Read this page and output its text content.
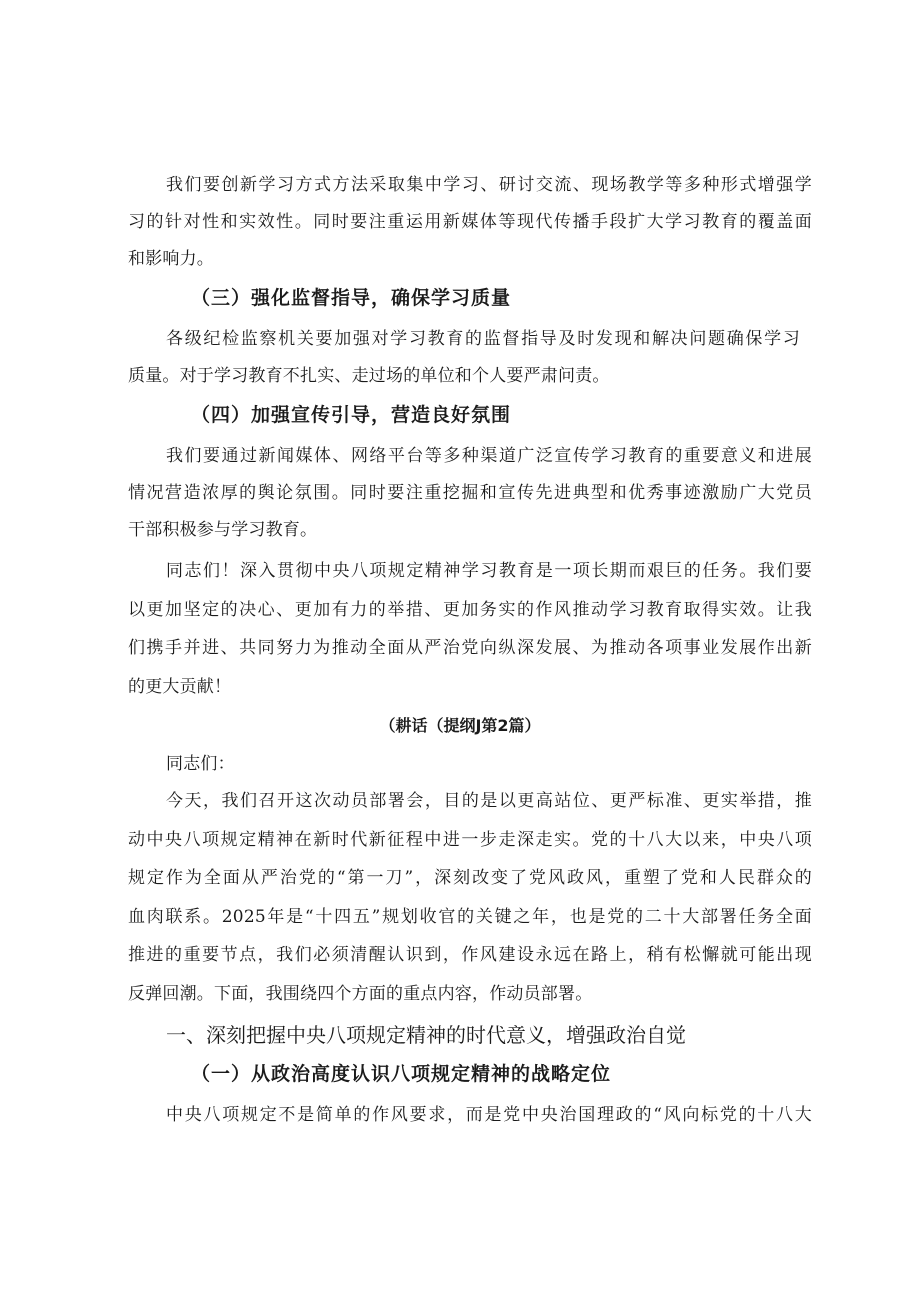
我们要创新学习方式方法采取集中学习、研讨交流、现场教学等多种形式增强学
习的针对性和实效性。同时要注重运用新媒体等现代传播手段扩大学习教育的覆盖面
和影响力。
（三）强化监督指导，确保学习质量
各级纪检监察机关要加强对学习教育的监督指导及时发现和解决问题确保学习
质量。对于学习教育不扎实、走过场的单位和个人要严肃问责。
（四）加强宣传引导，营造良好氛围
我们要通过新闻媒体、网络平台等多种渠道广泛宣传学习教育的重要意义和进展
情况营造浓厚的舆论氛围。同时要注重挖掘和宣传先进典型和优秀事迹激励广大党员
干部积极参与学习教育。
同志们！深入贯彻中央八项规定精神学习教育是一项长期而艰巨的任务。我们要
以更加坚定的决心、更加有力的举措、更加务实的作风推动学习教育取得实效。让我
们携手并进、共同努力为推动全面从严治党向纵深发展、为推动各项事业发展作出新
的更大贡献！
（耕话（提纲J第2篇）
同志们：
今天，我们召开这次动员部署会，目的是以更高站位、更严标准、更实举措，推
动中央八项规定精神在新时代新征程中进一步走深走实。党的十八大以来，中央八项
规定作为全面从严治党的“第一刀”，深刻改变了党风政风，重塑了党和人民群众的
血肉联系。2025年是“十四五”规划收官的关键之年，也是党的二十大部署任务全面
推进的重要节点，我们必须清醒认识到，作风建设永远在路上，稍有松懈就可能出现
反弹回潮。下面，我围绕四个方面的重点内容，作动员部署。
一、深刻把握中央八项规定精神的时代意义，增强政治自觉
（一）从政治高度认识八项规定精神的战略定位
中央八项规定不是简单的作风要求，而是党中央治国理政的“风向标党的十八大
